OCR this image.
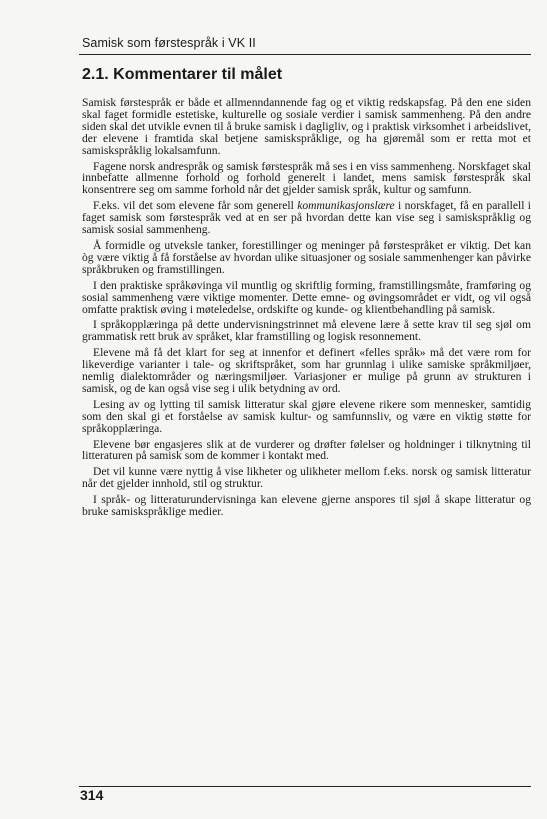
Samisk som førstespråk i VK II
2.1. Kommentarer til målet

Samisk førstespråk er både et allmenndannende fag og et viktig redskapsfag. På den ene siden skal faget formidle estetiske, kulturelle og sosiale verdier i samisk sammenheng. På den andre siden skal det utvikle evnen til å bruke samisk i dagligliv, og i praktisk virksomhet i arbeidslivet, der elevene i framtida skal betjene samiskspråklige, og ha gjøremål som er retta mot et samiskspråklig lokalsamfunn.

Fagene norsk andrespråk og samisk førstespråk må ses i en viss sammenheng. Norskfaget skal innbefatte allmenne forhold og forhold generelt i landet, mens samisk førstespråk skal konsentrere seg om samme forhold når det gjelder samisk språk, kultur og samfunn.

F.eks. vil det som elevene får som generell kommunikasjonslære i norskfaget, få en parallell i faget samisk som førstespråk ved at en ser på hvordan dette kan vise seg i samiskspråklig og samisk sosial sammenheng.

Å formidle og utveksle tanker, forestillinger og meninger på førstespråket er viktig. Det kan òg være viktig å få forståelse av hvordan ulike situasjoner og sosiale sammenhenger kan påvirke språkbruken og framstillingen.

I den praktiske språkøvinga vil muntlig og skriftlig forming, framstillingsmåte, framføring og sosial sammenheng være viktige momenter. Dette emne- og øvingsområdet er vidt, og vil også omfatte praktisk øving i møteledelse, ordskifte og kunde- og klientbehandling på samisk.

I språkopplæringa på dette undervisningstrinnet må elevene lære å sette krav til seg sjøl om grammatisk rett bruk av språket, klar framstilling og logisk resonnement.

Elevene må få det klart for seg at innenfor et definert «felles språk» må det være rom for likeverdige varianter i tale- og skriftspråket, som har grunnlag i ulike samiske språkmiljøer, nemlig dialektområder og næringsmiljøer. Variasjoner er mulige på grunn av strukturen i samisk, og de kan også vise seg i ulik betydning av ord.

Lesing av og lytting til samisk litteratur skal gjøre elevene rikere som mennesker, samtidig som den skal gi et forståelse av samisk kultur- og samfunnsliv, og være en viktig støtte for språkopplæringa.

Elevene bør engasjeres slik at de vurderer og drøfter følelser og holdninger i tilknytning til litteraturen på samisk som de kommer i kontakt med.

Det vil kunne være nyttig å vise likheter og ulikheter mellom f.eks. norsk og samisk litteratur når det gjelder innhold, stil og struktur.

I språk- og litteraturundervisninga kan elevene gjerne anspores til sjøl å skape litteratur og bruke samiskspråklige medier.

314
